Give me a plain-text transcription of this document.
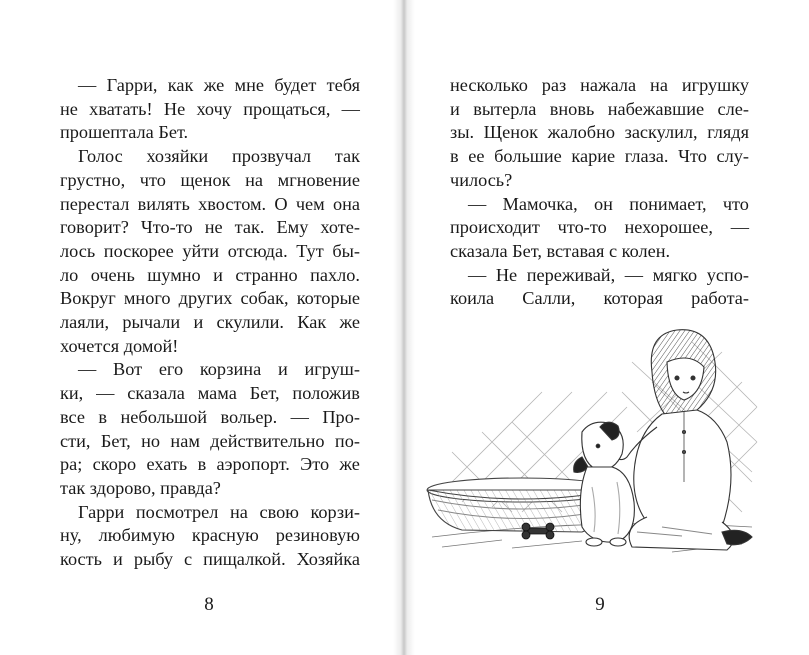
— Гарри, как же мне будет тебя
не хватать! Не хочу прощаться, —
прошептала Бет.
Голос хозяйки прозвучал так
грустно, что щенок на мгновение
перестал вилять хвостом. О чем она
говорит? Что-то не так. Ему хоте-
лось поскорее уйти отсюда. Тут бы-
ло очень шумно и странно пахло.
Вокруг много других собак, которые
лаяли, рычали и скулили. Как же
хочется домой!
— Вот его корзина и игруш-
ки, — сказала мама Бет, положив
все в небольшой вольер. — Про-
сти, Бет, но нам действительно по-
ра; скоро ехать в аэропорт. Это же
так здорово, правда?
Гарри посмотрел на свою корзи-
ну, любимую красную резиновую
кость и рыбу с пищалкой. Хозяйка
8
несколько раз нажала на игрушку
и вытерла вновь набежавшие сле-
зы. Щенок жалобно заскулил, глядя
в ее большие карие глаза. Что слу-
чилось?
— Мамочка, он понимает, что
происходит что-то нехорошее, —
сказала Бет, вставая с колен.
— Не переживай, — мягко успо-
коила Салли, которая работа-
9
